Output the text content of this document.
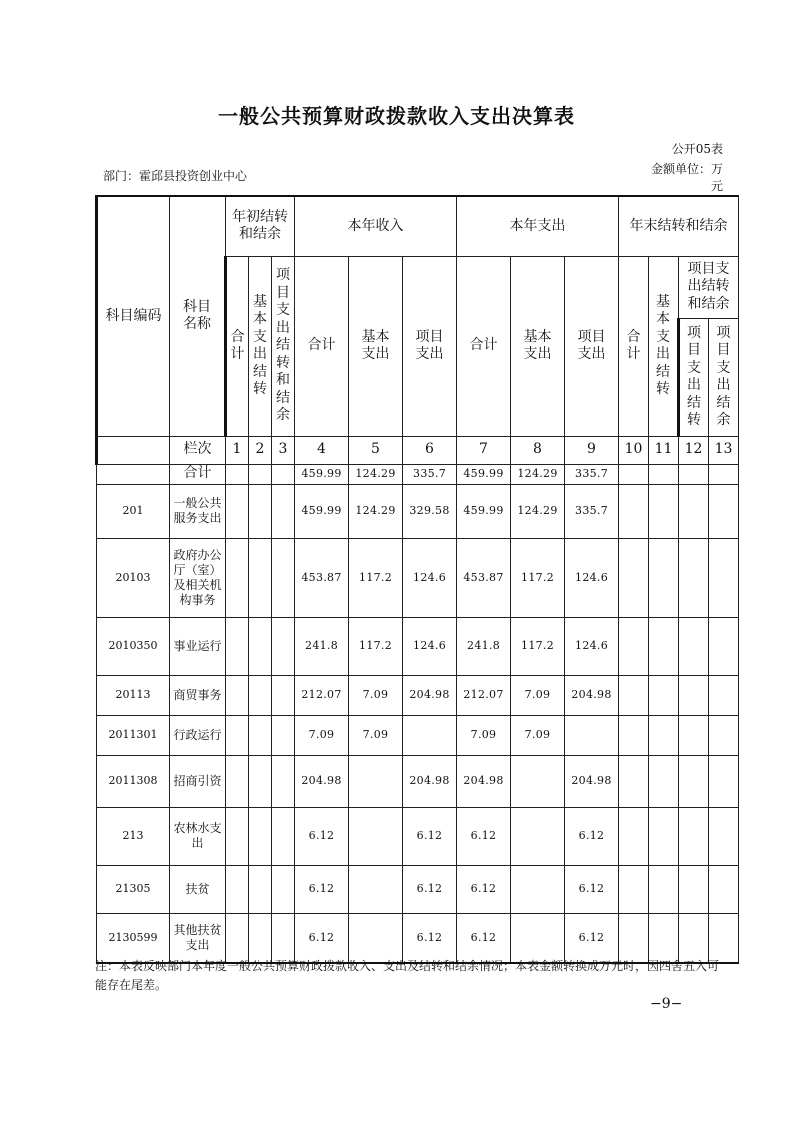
一般公共预算财政拨款收入支出决算表
公开05表
金额单位：万
元
部门：霍邱县投资创业中心
科目编码	科目名称	年初结转和结余			本年收入			本年支出			年末结转和结余			

		合计	基本支出结转	项目支出结转和结余	合计	基本支出	项目支出	合计	基本支出	项目支出	合计	基本支出结转	项目支出结转和结余	

													项目支出结转	项目支出结余

	栏次	1	2	3	4	5	6	7	8	9	10	11	12	13
	合计				459.99	124.29	335.7	459.99	124.29	335.7				
201	一般公共服务支出				459.99	124.29	329.58	459.99	124.29	335.7				
20103	政府办公厅（室）及相关机构事务				453.87	117.2	124.6	453.87	117.2	124.6				
2010350	事业运行				241.8	117.2	124.6	241.8	117.2	124.6				
20113	商贸事务				212.07	7.09	204.98	212.07	7.09	204.98				
2011301	行政运行				7.09	7.09		7.09	7.09					
2011308	招商引资				204.98		204.98	204.98		204.98				
213	农林水支出				6.12		6.12	6.12		6.12				
21305	扶贫				6.12		6.12	6.12		6.12				
2130599	其他扶贫支出				6.12		6.12	6.12		6.12				
注：本表反映部门本年度一般公共预算财政拨款收入、支出及结转和结余情况；本表金额转换成万元时，因四舍五入可能存在尾差。
−9−
